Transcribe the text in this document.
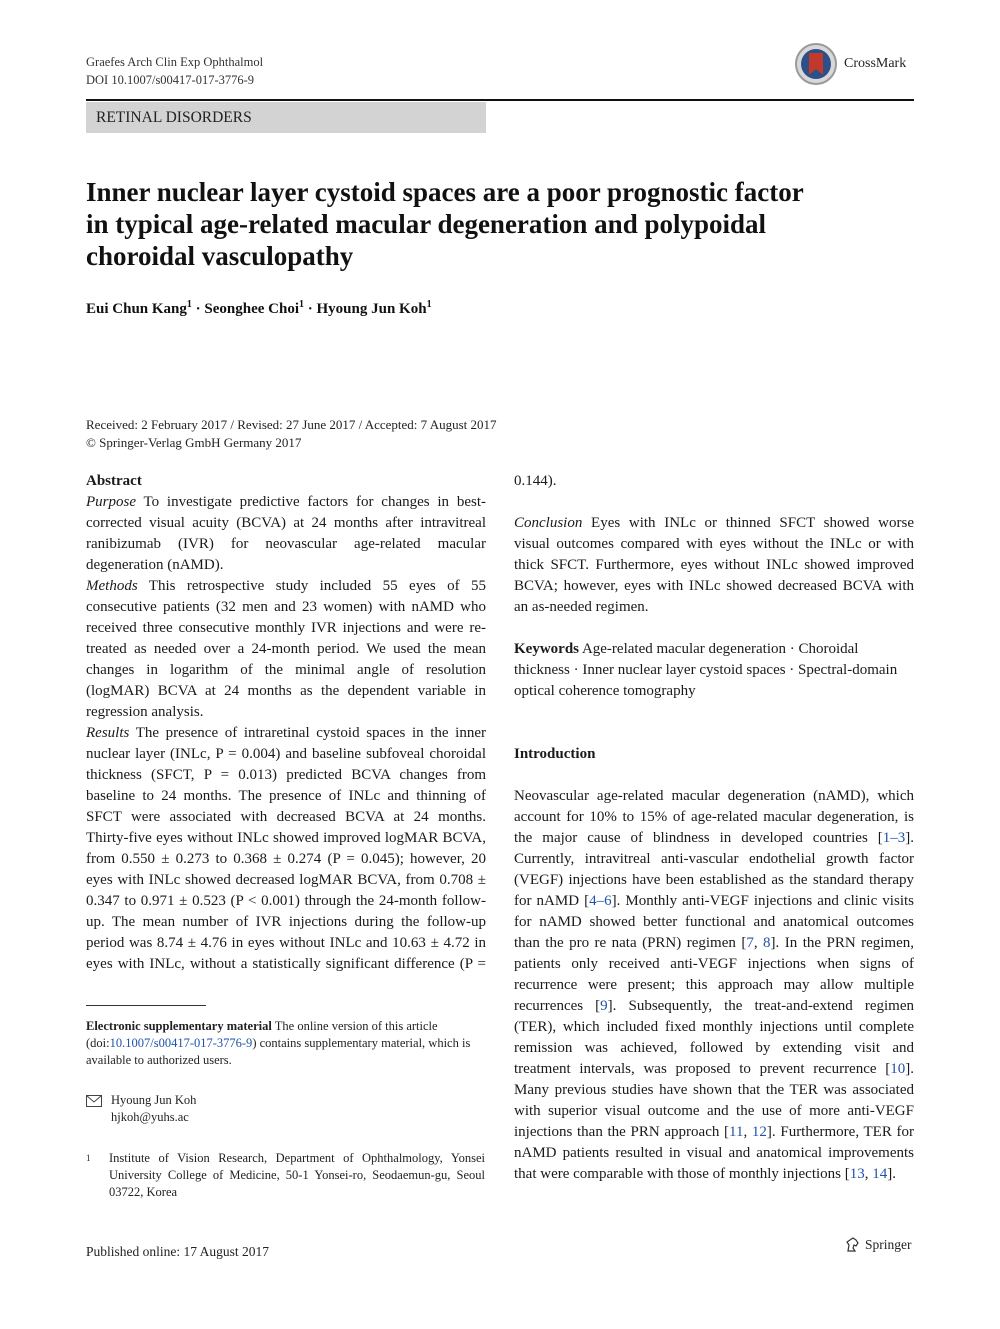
Graefes Arch Clin Exp Ophthalmol
DOI 10.1007/s00417-017-3776-9
CrossMark
RETINAL DISORDERS
Inner nuclear layer cystoid spaces are a poor prognostic factor
in typical age-related macular degeneration and polypoidal
choroidal vasculopathy
Eui Chun Kang$^1$ · Seonghee Choi$^1$ · Hyoung Jun Koh$^1$
Received: 2 February 2017 / Revised: 27 June 2017 / Accepted: 7 August 2017
© Springer-Verlag GmbH Germany 2017
Abstract

Purpose To investigate predictive factors for changes in best-corrected visual acuity (BCVA) at 24 months after intravitreal ranibizumab (IVR) for neovascular age-related macular degeneration (nAMD).

Methods This retrospective study included 55 eyes of 55 consecutive patients (32 men and 23 women) with nAMD who received three consecutive monthly IVR injections and were re-treated as needed over a 24-month period. We used the mean changes in logarithm of the minimal angle of resolution (logMAR) BCVA at 24 months as the dependent variable in regression analysis.

Results The presence of intraretinal cystoid spaces in the inner nuclear layer (INLc, P = 0.004) and baseline subfoveal choroidal thickness (SFCT, P = 0.013) predicted BCVA changes from baseline to 24 months. The presence of INLc and thinning of SFCT were associated with decreased BCVA at 24 months. Thirty-five eyes without INLc showed improved logMAR BCVA, from 0.550 ± 0.273 to 0.368 ± 0.274 (P = 0.045); however, 20 eyes with INLc showed decreased logMAR BCVA, from 0.708 ± 0.347 to 0.971 ± 0.523 (P < 0.001) through the 24-month follow-up. The mean number of IVR injections during the follow-up period was 8.74 ± 4.76 in eyes without INLc and 10.63 ± 4.72 in eyes with INLc, without a statistically significant difference (P =

Electronic supplementary material The online version of this article (doi:10.1007/s00417-017-3776-9) contains supplementary material, which is available to authorized users.
Hyoung Jun Koh
hjkoh@yuhs.ac
1	Institute of Vision Research, Department of Ophthalmology, Yonsei University College of Medicine, 50-1 Yonsei-ro, Seodaemun-gu, Seoul 03722, Korea

0.144).

Conclusion Eyes with INLc or thinned SFCT showed worse visual outcomes compared with eyes without the INLc or with thick SFCT. Furthermore, eyes without INLc showed improved BCVA; however, eyes with INLc showed decreased BCVA with an as-needed regimen.

Keywords Age-related macular degeneration · Choroidal thickness · Inner nuclear layer cystoid spaces · Spectral-domain optical coherence tomography

Introduction

Neovascular age-related macular degeneration (nAMD), which account for 10% to 15% of age-related macular degeneration, is the major cause of blindness in developed countries [1–3]. Currently, intravitreal anti-vascular endothelial growth factor (VEGF) injections have been established as the standard therapy for nAMD [4–6]. Monthly anti-VEGF injections and clinic visits for nAMD showed better functional and anatomical outcomes than the pro re nata (PRN) regimen [7, 8]. In the PRN regimen, patients only received anti-VEGF injections when signs of recurrence were present; this approach may allow multiple recurrences [9]. Subsequently, the treat-and-extend regimen (TER), which included fixed monthly injections until complete remission was achieved, followed by extending visit and treatment intervals, was proposed to prevent recurrence [10]. Many previous studies have shown that the TER was associated with superior visual outcome and the use of more anti-VEGF injections than the PRN approach [11, 12]. Furthermore, TER for nAMD patients resulted in visual and anatomical improvements that were comparable with those of monthly injections [13, 14].

Published online: 17 August 2017	Springer
